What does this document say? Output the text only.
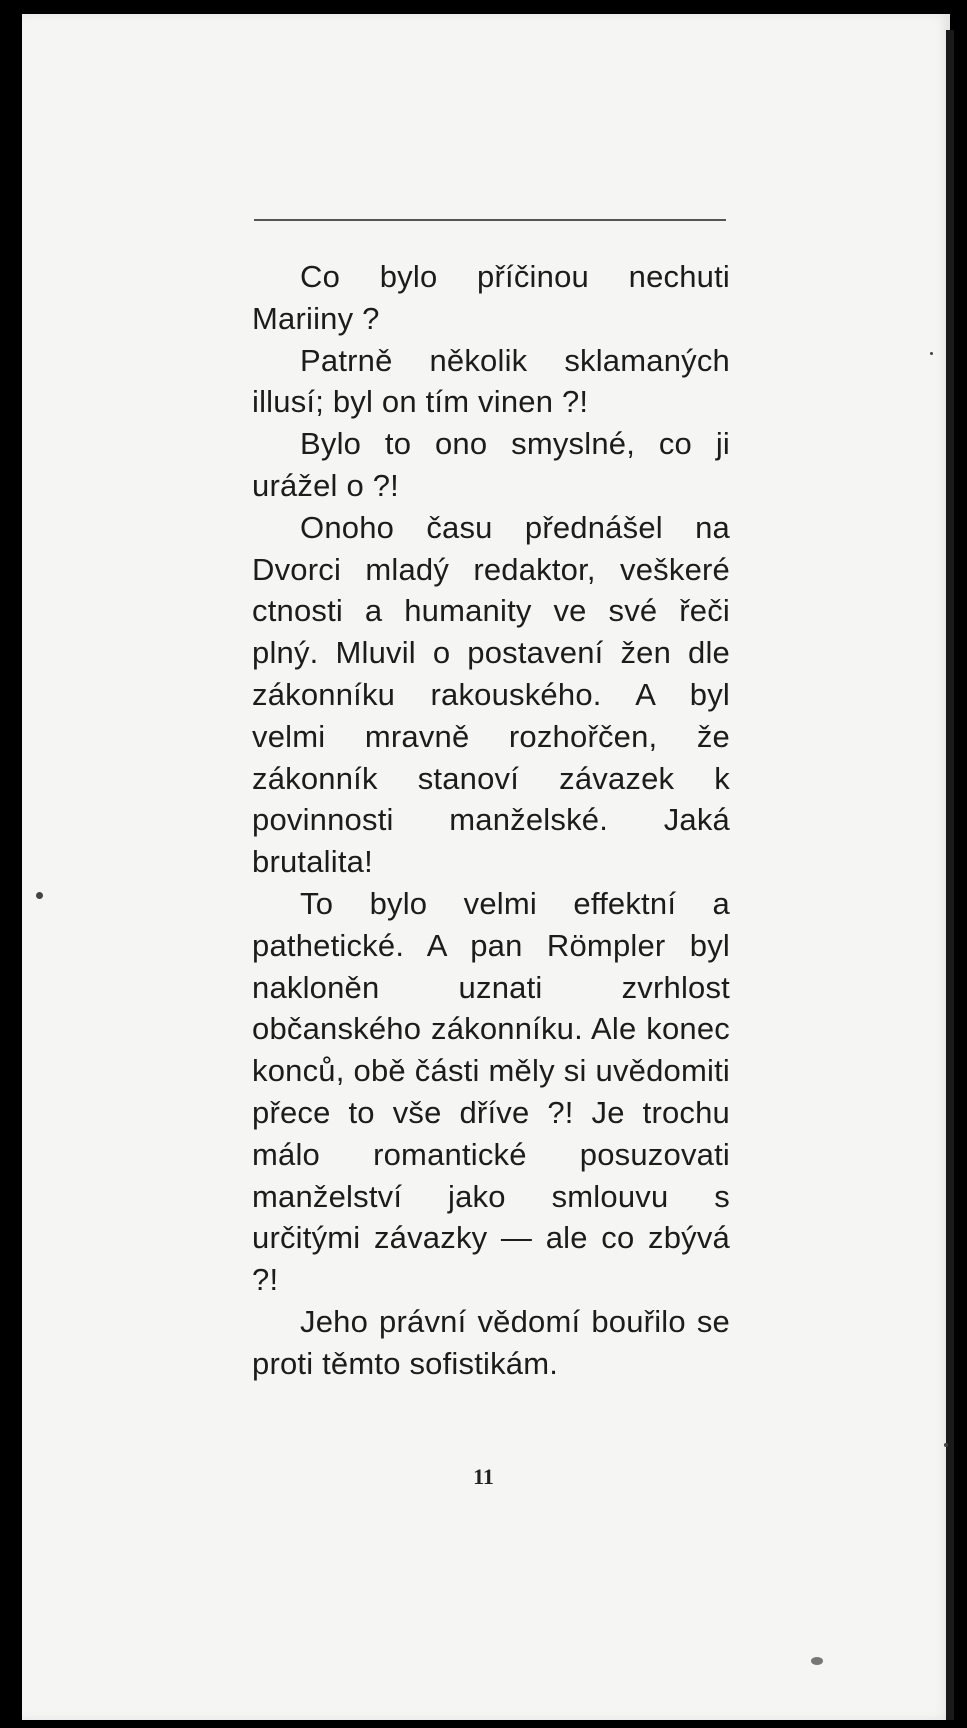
Co bylo příčinou nechuti Mariiny ?

Patrně několik sklamaných illusí; byl on tím vinen ?!

Bylo to ono smyslné, co ji urážel o ?!

Onoho času přednášel na Dvorci mladý redaktor, veškeré ctnosti a humanity ve své řeči plný. Mluvil o postavení žen dle zákonníku rakouského. A byl velmi mravně rozhořčen, že zákonník stanoví závazek k povinnosti manželské. Jaká brutalita!

To bylo velmi effektní a pathetické. A pan Römpler byl nakloněn uznati zvrhlost občanského zákonníku. Ale konec konců, obě části měly si uvědomiti přece to vše dříve ?! Je trochu málo romantické posuzovati manželství jako smlouvu s určitými závazky — ale co zbývá ?!

Jeho právní vědomí bouřilo se proti těmto sofistikám.

11
